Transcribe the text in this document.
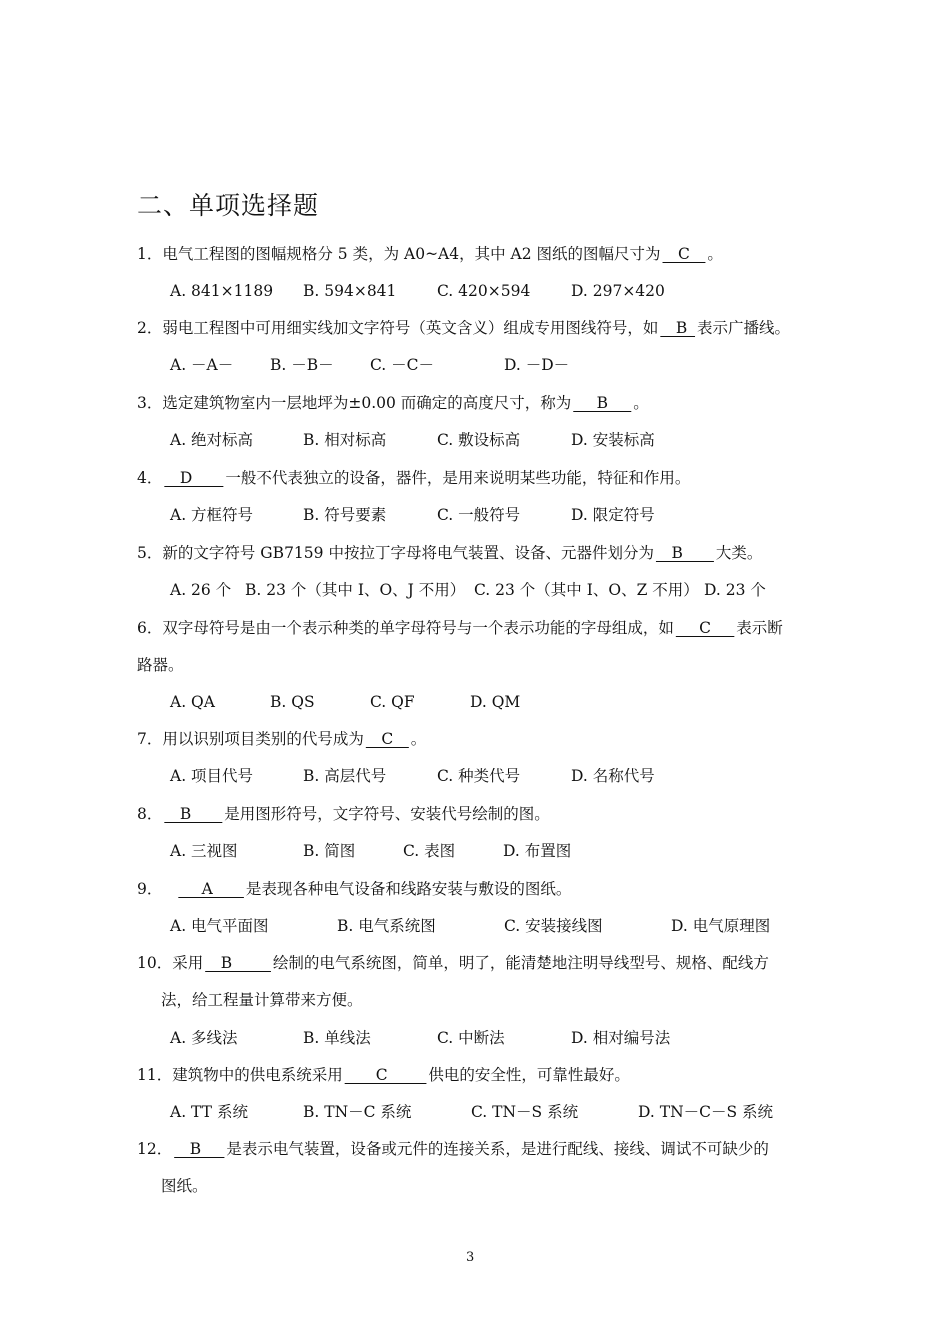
二、单项选择题
1．电气工程图的图幅规格分 5 类，为 A0~A4，其中 A2 图纸的图幅尺寸为 __C__ 。
A. 841×1189 B. 594×841	C. 420×594	D. 297×420
2．弱电工程图中可用细实线加文字符号（英文含义）组成专用图线符号，如 __B_ 表示广播线。
A. －A－ B. －B－ C. －C－	D. －D－
3．选定建筑物室内一层地坪为±0.00 而确定的高度尺寸，称为 ___B___ 。
A. 绝对标高	B. 相对标高	C. 敷设标高	D. 安装标高
4． __D____ 一般不代表独立的设备，器件，是用来说明某些功能，特征和作用。
A. 方框符号	B. 符号要素	C. 一般符号	D. 限定符号
5．新的文字符号 GB7159 中按拉丁字母将电气装置、设备、元器件划分为 __B____ 大类。
A. 26 个 B. 23 个（其中 I、O、J 不用） C. 23 个（其中 I、O、Z 不用） D. 23 个
6．双字母符号是由一个表示种类的单字母符号与一个表示功能的字母组成，如 ___C___ 表示断
路器。
A. QA	B. QS	C. QF	D. QM
7．用以识别项目类别的代号成为 __C__ 。
A. 项目代号	B. 高层代号	C. 种类代号	D. 名称代号
8． __B____ 是用图形符号，文字符号、安装代号绘制的图。
A. 三视图	B. 简图	C. 表图	D. 布置图
9． ___A____ 是表现各种电气设备和线路安装与敷设的图纸。
A. 电气平面图	B. 电气系统图	C. 安装接线图	D. 电气原理图
10．采用 __B_____ 绘制的电气系统图，简单，明了，能清楚地注明导线型号、规格、配线方
法，给工程量计算带来方便。
A. 多线法	B. 单线法	C. 中断法	D. 相对编号法
11．建筑物中的供电系统采用 ____C_____ 供电的安全性，可靠性最好。
A. TT 系统	B. TN－C 系统	C. TN－S 系统	D. TN－C－S 系统
12． __B___ 是表示电气装置，设备或元件的连接关系，是进行配线、接线、调试不可缺少的
图纸。
3
